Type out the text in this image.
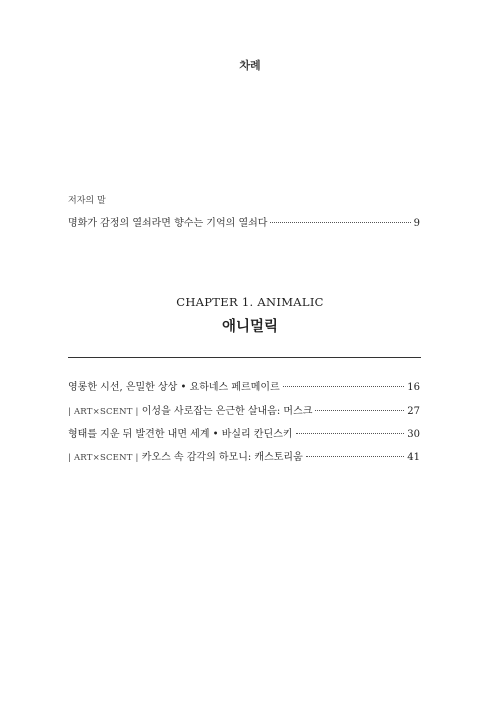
차례
저자의 말
명화가 감정의 열쇠라면 향수는 기억의 열쇠다	9
CHAPTER 1. ANIMALIC
애니멀릭
영롱한 시선, 은밀한 상상 • 요하네스 페르메이르	16
| ART×SCENT | 이성을 사로잡는 은근한 살내음: 머스크	27
형태를 지운 뒤 발견한 내면 세계 • 바실리 칸딘스키	30
| ART×SCENT | 카오스 속 감각의 하모니: 캐스토리움	41
